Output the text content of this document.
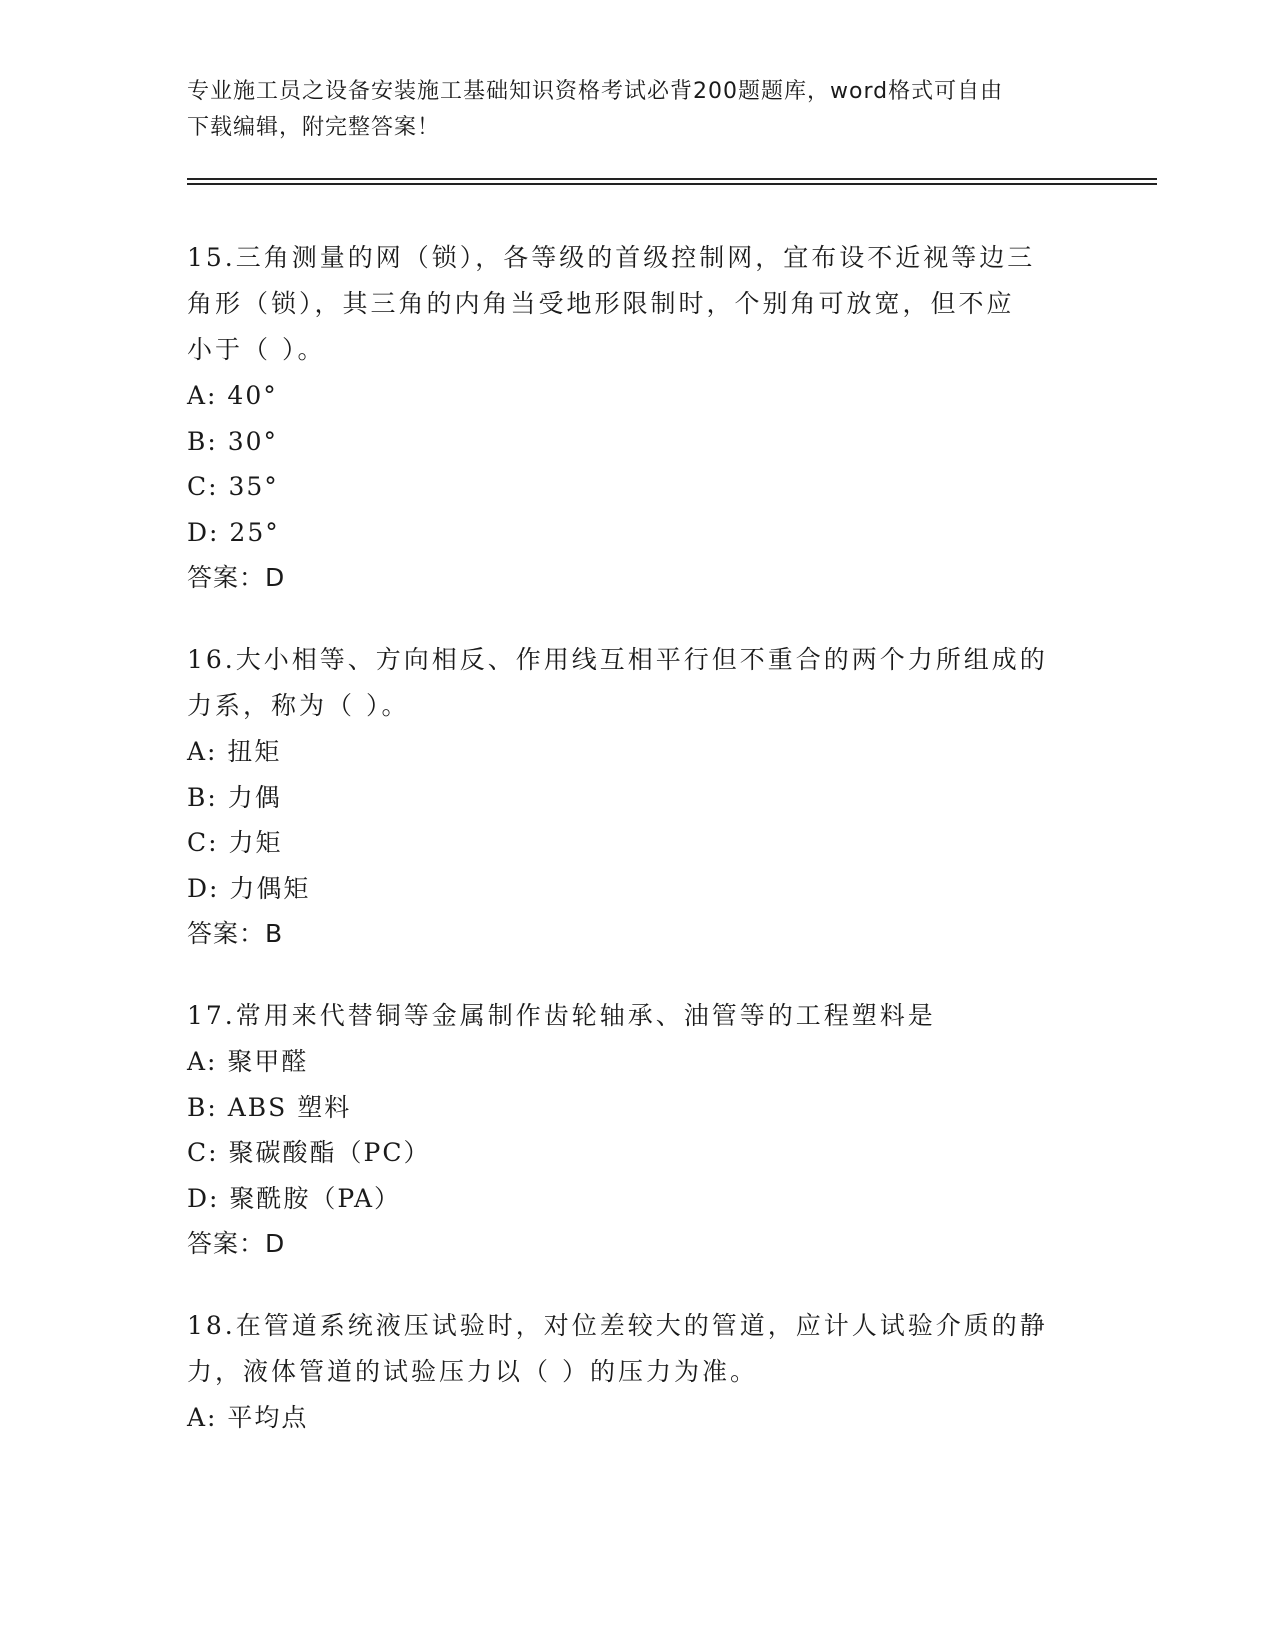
专业施工员之设备安装施工基础知识资格考试必背200题题库，word格式可自由
下载编辑，附完整答案！

15.三角测量的网（锁），各等级的首级控制网，宜布设不近视等边三

角形（锁），其三角的内角当受地形限制时，个别角可放宽，但不应

小于（ ）。

A: 40°

B: 30°

C: 35°

D: 25°

答案：D

16.大小相等、方向相反、作用线互相平行但不重合的两个力所组成的

力系，称为（ ）。

A: 扭矩

B: 力偶

C: 力矩

D: 力偶矩

答案：B

17.常用来代替铜等金属制作齿轮轴承、油管等的工程塑料是

A: 聚甲醛

B: ABS 塑料

C: 聚碳酸酯（PC）

D: 聚酰胺（PA）

答案：D

18.在管道系统液压试验时，对位差较大的管道，应计人试验介质的静

力，液体管道的试验压力以（ ）的压力为准。

A: 平均点
